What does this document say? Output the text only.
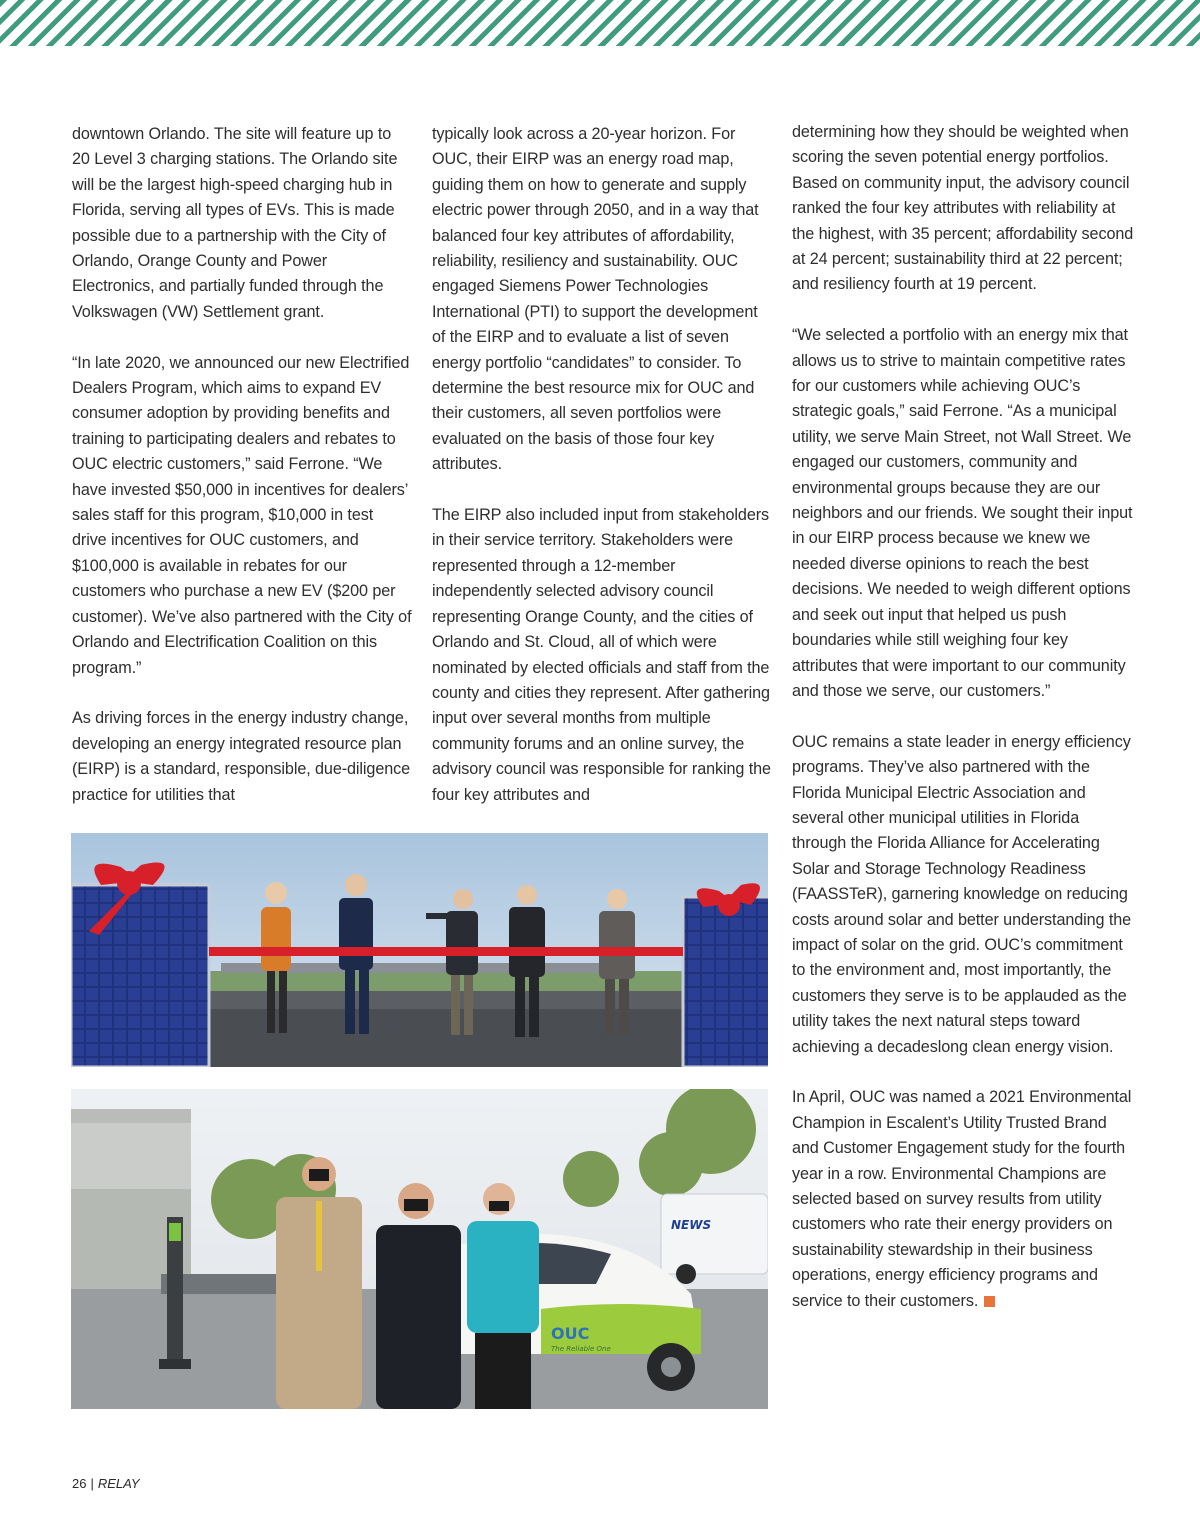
downtown Orlando. The site will feature up to 20 Level 3 charging stations. The Orlando site will be the largest high-speed charging hub in Florida, serving all types of EVs. This is made possible due to a partnership with the City of Orlando, Orange County and Power Electronics, and partially funded through the Volkswagen (VW) Settlement grant.

“In late 2020, we announced our new Electrified Dealers Program, which aims to expand EV consumer adoption by providing benefits and training to participating dealers and rebates to OUC electric customers,” said Ferrone. “We have invested $50,000 in incentives for dealers’ sales staff for this program, $10,000 in test drive incentives for OUC customers, and $100,000 is available in rebates for our customers who purchase a new EV ($200 per customer). We’ve also partnered with the City of Orlando and Electrification Coalition on this program.”

As driving forces in the energy industry change, developing an energy integrated resource plan (EIRP) is a standard, responsible, due-diligence practice for utilities that

typically look across a 20-year horizon. For OUC, their EIRP was an energy road map, guiding them on how to generate and supply electric power through 2050, and in a way that balanced four key attributes of affordability, reliability, resiliency and sustainability. OUC engaged Siemens Power Technologies International (PTI) to support the development of the EIRP and to evaluate a list of seven energy portfolio “candidates” to consider. To determine the best resource mix for OUC and their customers, all seven portfolios were evaluated on the basis of those four key attributes.

The EIRP also included input from stakeholders in their service territory. Stakeholders were represented through a 12-member independently selected advisory council representing Orange County, and the cities of Orlando and St. Cloud, all of which were nominated by elected officials and staff from the county and cities they represent. After gathering input over several months from multiple community forums and an online survey, the advisory council was responsible for ranking the four key attributes and

determining how they should be weighted when scoring the seven potential energy portfolios. Based on community input, the advisory council ranked the four key attributes with reliability at the highest, with 35 percent; affordability second at 24 percent; sustainability third at 22 percent; and resiliency fourth at 19 percent.

“We selected a portfolio with an energy mix that allows us to strive to maintain competitive rates for our customers while achieving OUC’s strategic goals,” said Ferrone. “As a municipal utility, we serve Main Street, not Wall Street. We engaged our customers, community and environmental groups because they are our neighbors and our friends. We sought their input in our EIRP process because we knew we needed diverse opinions to reach the best decisions. We needed to weigh different options and seek out input that helped us push boundaries while still weighing four key attributes that were important to our community and those we serve, our customers.”

OUC remains a state leader in energy efficiency programs. They’ve also partnered with the Florida Municipal Electric Association and several other municipal utilities in Florida through the Florida Alliance for Accelerating Solar and Storage Technology Readiness (FAASSTeR), garnering knowledge on reducing costs around solar and better understanding the impact of solar on the grid. OUC’s commitment to the environment and, most importantly, the customers they serve is to be applauded as the utility takes the next natural steps toward achieving a decadeslong clean energy vision.

In April, OUC was named a 2021 Environmental Champion in Escalent’s Utility Trusted Brand and Customer Engagement study for the fourth year in a row. Environmental Champions are selected based on survey results from utility customers who rate their energy providers on sustainability stewardship in their business operations, energy efficiency programs and service to their customers.

NEWS
OUC
The Reliable One
26 | RELAY
